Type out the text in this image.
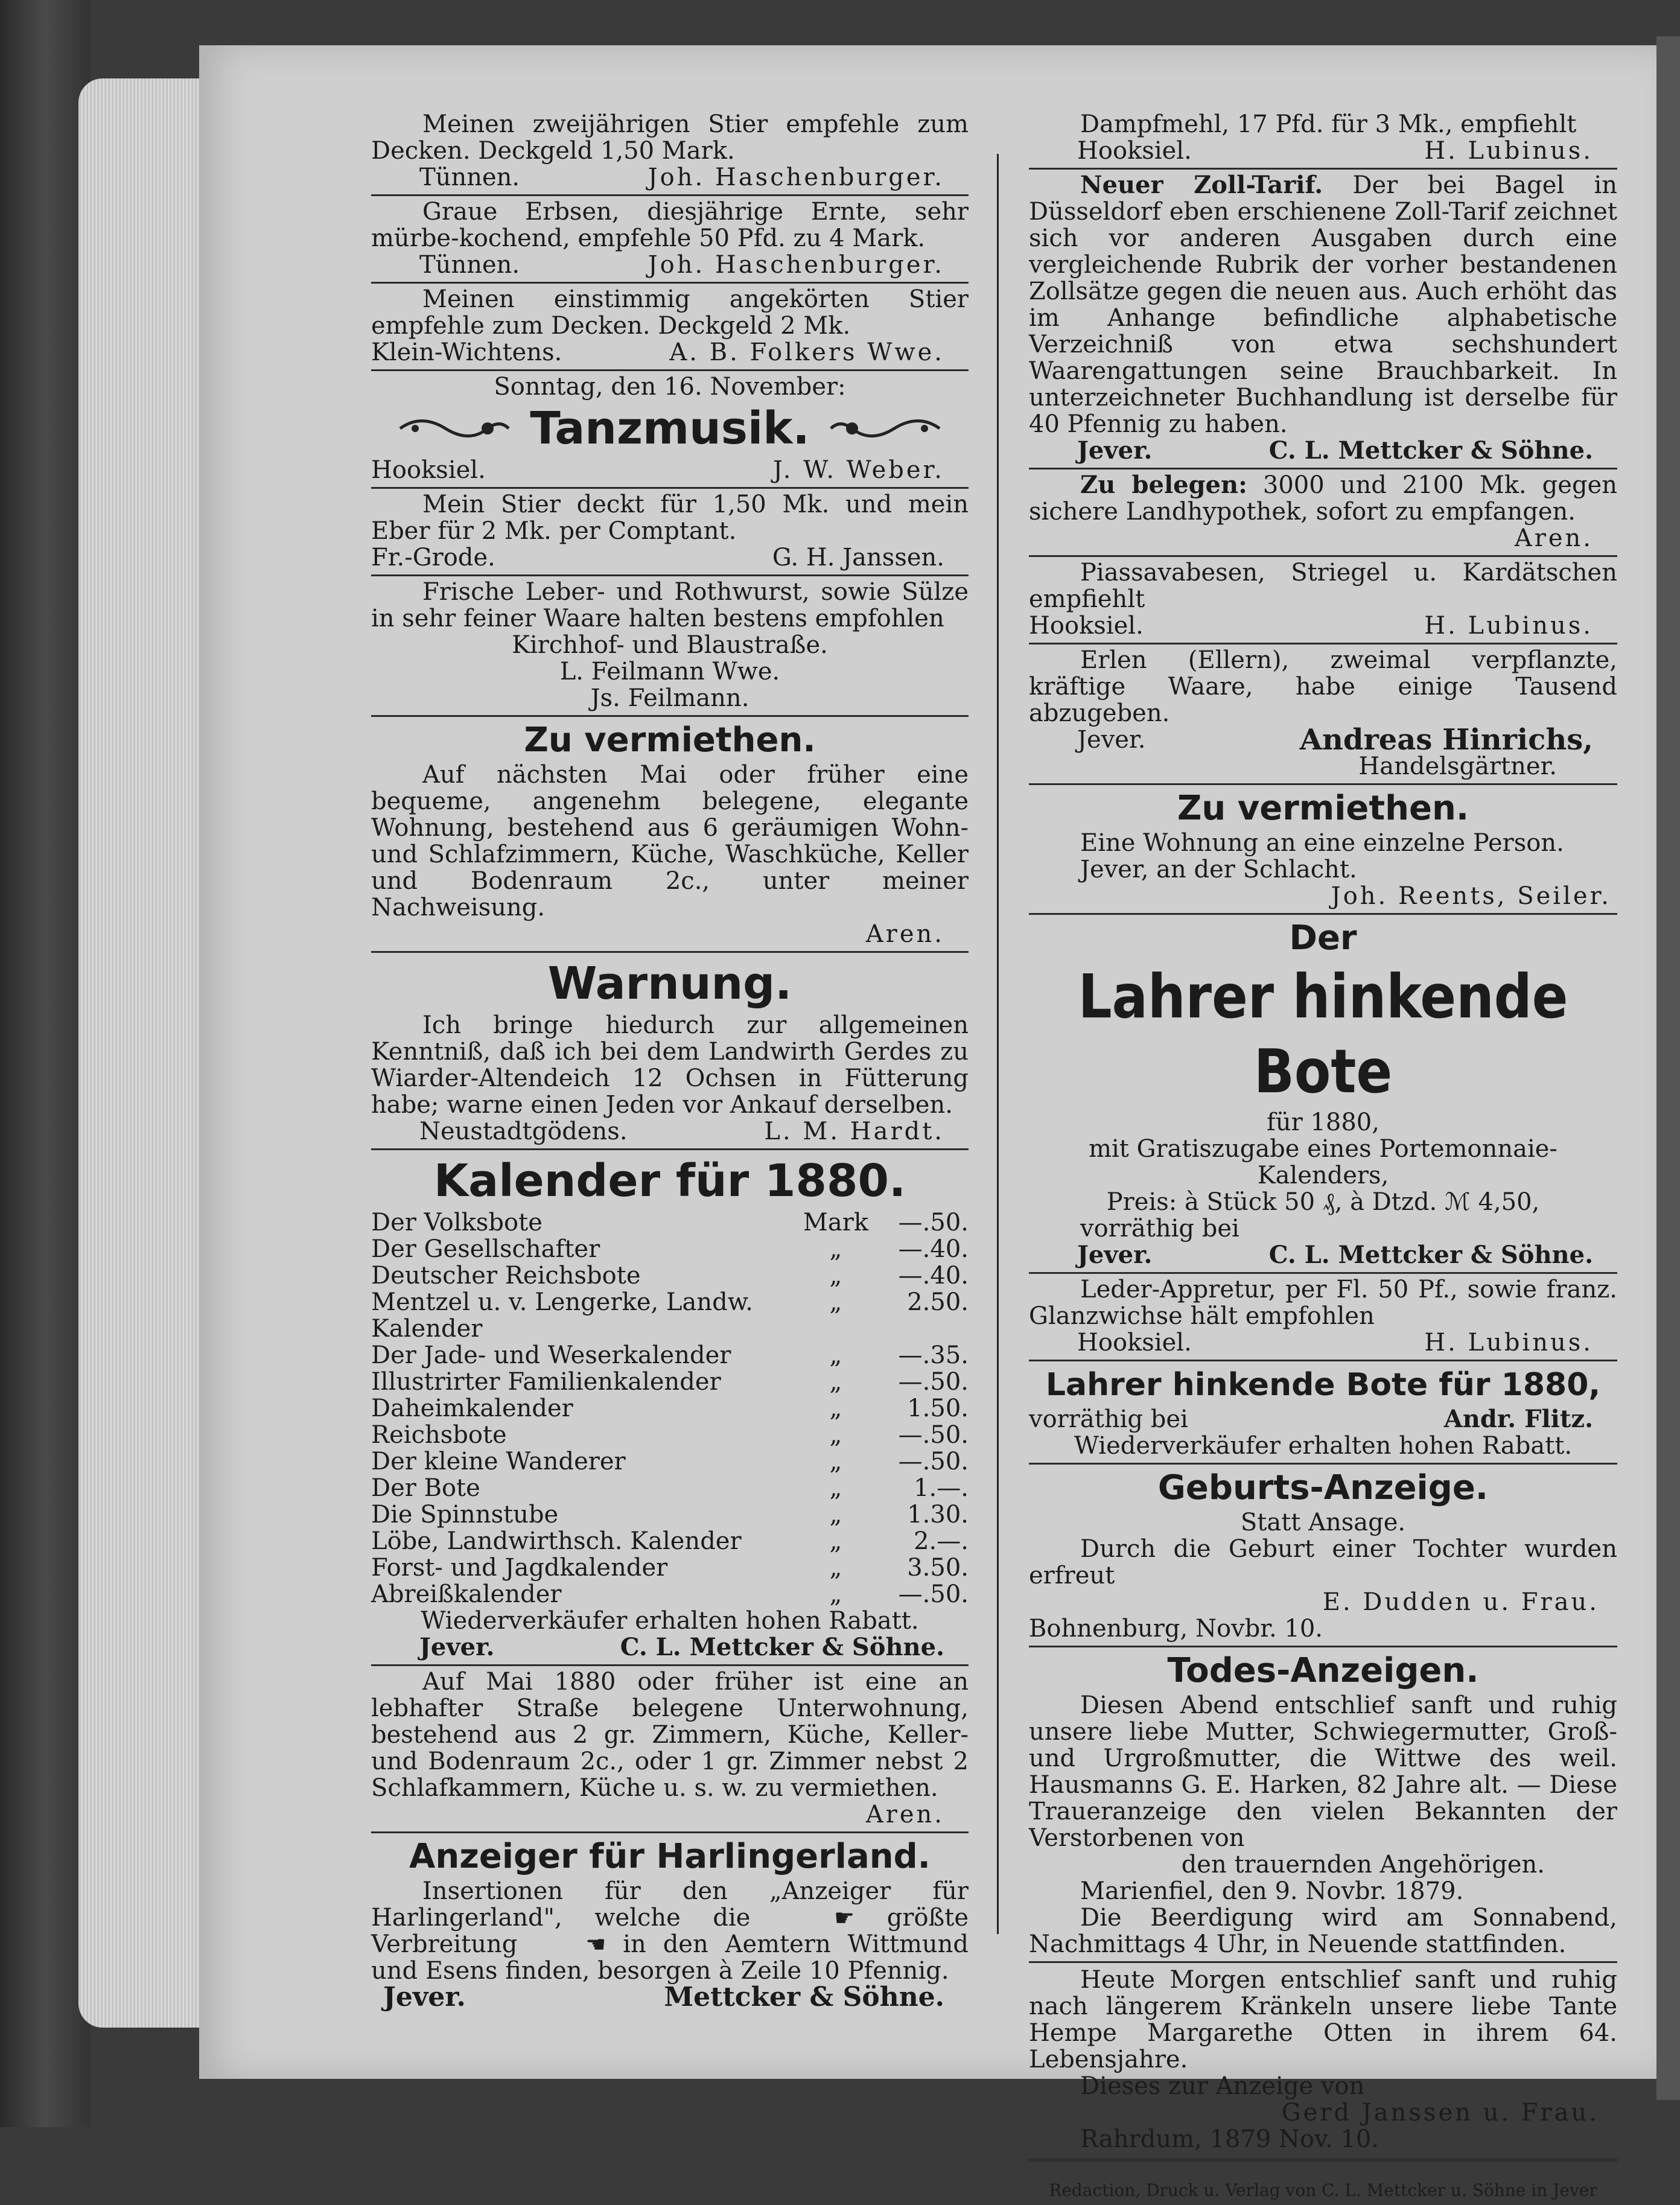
Meinen zweijährigen Stier empfehle zum Decken. Deckgeld 1,50 Mark.

Tünnen.	Joh. Haschenburger.

Graue Erbsen, diesjährige Ernte, sehr mürbe-kochend, empfehle 50 Pfd. zu 4 Mark.

Tünnen.	Joh. Haschenburger.

Meinen einstimmig angekörten Stier empfehle zum Decken. Deckgeld 2 Mk.

Klein-Wichtens.	A. B. Folkers Wwe.

Sonntag, den 16. November:

Tanzmusik.
Hooksiel.	J. W. Weber.

Mein Stier deckt für 1,50 Mk. und mein Eber für 2 Mk. per Comptant.

Fr.-Grode.	G. H. Janssen.

Frische Leber- und Rothwurst, sowie Sülze in sehr feiner Waare halten bestens empfohlen

Kirchhof- und Blaustraße.

L. Feilmann Wwe.

Js. Feilmann.

Zu vermiethen.

Auf nächsten Mai oder früher eine bequeme, angenehm belegene, elegante Wohnung, bestehend aus 6 geräumigen Wohn- und Schlafzimmern, Küche, Waschküche, Keller und Bodenraum 2c., unter meiner Nachweisung.

Aren.

Warnung.

Ich bringe hiedurch zur allgemeinen Kenntniß, daß ich bei dem Landwirth Gerdes zu Wiarder-Altendeich 12 Ochsen in Fütterung habe; warne einen Jeden vor Ankauf derselben.

Neustadtgödens.	L. M. Hardt.
Kalender für 1880.
Der Volksbote	Mark	—.50.
Der Gesellschafter	„	—.40.
Deutscher Reichsbote	„	—.40.
Mentzel u. v. Lengerke, Landw. Kalender
„	2.50.
Der Jade- und Weserkalender	„	—.35.
Illustrirter Familienkalender	„	—.50.
Daheimkalender	„	1.50.
Reichsbote	„	—.50.
Der kleine Wanderer	„	—.50.
Der Bote	„	1.—.
Die Spinnstube	„	1.30.
Löbe, Landwirthsch. Kalender	„	2.—.
Forst- und Jagdkalender	„	3.50.
Abreißkalender	„	—.50.

Wiederverkäufer erhalten hohen Rabatt.

Jever.	C. L. Mettcker & Söhne.

Auf Mai 1880 oder früher ist eine an lebhafter Straße belegene Unterwohnung, bestehend aus 2 gr. Zimmern, Küche, Keller- und Bodenraum 2c., oder 1 gr. Zimmer nebst 2 Schlafkammern, Küche u. s. w. zu vermiethen.

Aren.

Anzeiger für Harlingerland.

Insertionen für den „Anzeiger für Harlingerland", welche die	☛ größte Verbreitung	☚ in den Aemtern Wittmund und Esens finden, besorgen à Zeile 10 Pfennig.

Jever.	Mettcker & Söhne.

Dampfmehl, 17 Pfd. für 3 Mk., empfiehlt

Hooksiel.	H. Lubinus.

Neuer Zoll-Tarif. Der bei Bagel in Düsseldorf eben erschienene Zoll-Tarif zeichnet sich vor anderen Ausgaben durch eine vergleichende Rubrik der vorher bestandenen Zollsätze gegen die neuen aus. Auch erhöht das im Anhange befindliche alphabetische Verzeichniß von etwa sechshundert Waarengattungen seine Brauchbarkeit. In unterzeichneter Buchhandlung ist derselbe für 40 Pfennig zu haben.

Jever.	C. L. Mettcker & Söhne.

Zu belegen: 3000 und 2100 Mk. gegen sichere Landhypothek, sofort zu empfangen.

Aren.

Piassavabesen, Striegel u. Kardätschen empfiehlt

Hooksiel.	H. Lubinus.

Erlen (Ellern), zweimal verpflanzte, kräftige Waare, habe einige Tausend abzugeben.

Jever.	Andreas Hinrichs,

Handelsgärtner.

Zu vermiethen.

Eine Wohnung an eine einzelne Person.

Jever, an der Schlacht.

Joh. Reents, Seiler.

Der
Lahrer hinkende Bote

für 1880,

mit Gratiszugabe eines Portemonnaie-Kalenders,

Preis: à Stück 50 ₰, à Dtzd. ℳ 4,50,

vorräthig bei

Jever.	C. L. Mettcker & Söhne.

Leder-Appretur, per Fl. 50 Pf., sowie franz. Glanzwichse hält empfohlen

Hooksiel.	H. Lubinus.
Lahrer hinkende Bote für 1880,
vorräthig bei	Andr. Flitz.

Wiederverkäufer erhalten hohen Rabatt.

Geburts-Anzeige.

Statt Ansage.

Durch die Geburt einer Tochter wurden erfreut

E. Dudden u. Frau.

Bohnenburg, Novbr. 10.

Todes-Anzeigen.

Diesen Abend entschlief sanft und ruhig unsere liebe Mutter, Schwiegermutter, Groß- und Urgroßmutter, die Wittwe des weil. Hausmanns G. E. Harken, 82 Jahre alt. — Diese Traueranzeige den vielen Bekannten der Verstorbenen von

den trauernden Angehörigen.

Marienfiel, den 9. Novbr. 1879.

Die Beerdigung wird am Sonnabend, Nachmittags 4 Uhr, in Neuende stattfinden.

Heute Morgen entschlief sanft und ruhig nach längerem Kränkeln unsere liebe Tante Hempe Margarethe Otten in ihrem 64. Lebensjahre.

Dieses zur Anzeige von

Gerd Janssen u. Frau.

Rahrdum, 1879 Nov. 10.

Redaction, Druck u. Verlag von C. L. Mettcker u. Söhne in Jever
